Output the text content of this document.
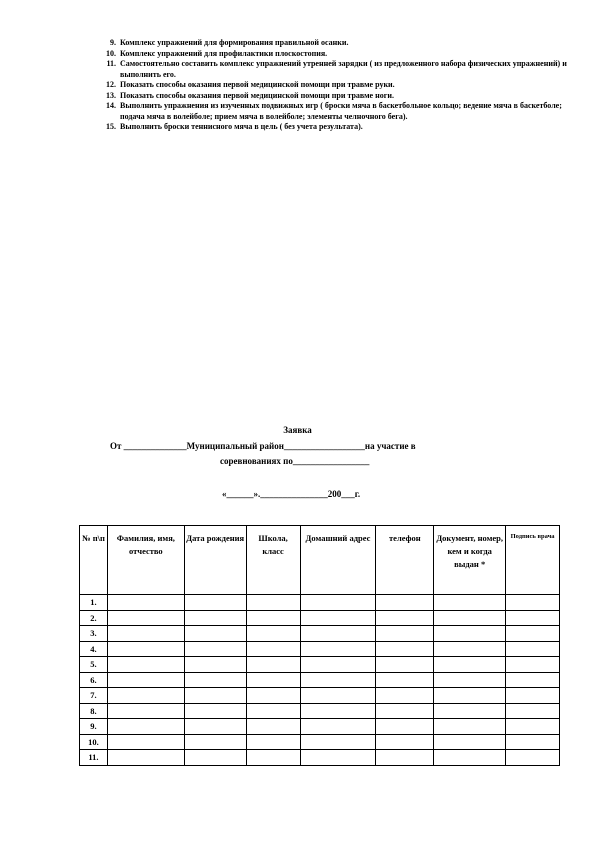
9. Комплекс упражнений для формирования правильной осанки.
10. Комплекс упражнений для профилактики плоскостопия.
11. Самостоятельно составить комплекс упражнений утренней зарядки ( из предложенного набора физических упражнений) и выполнить его.
12. Показать способы оказания первой медицинской помощи при травме руки.
13. Показать способы оказания первой медицинской помощи при травме ноги.
14. Выполнить упражнения из изученных подвижных игр ( броски мяча в баскетбольное кольцо; ведение мяча в баскетболе; подача мяча в волейболе; прием мяча в волейболе; элементы челночного бега).
15. Выполнить броски теннисного мяча в цель ( без учета результата).
Заявка
От ______________Муниципальный район__________________на участие в
соревнованиях по_________________
«______»._______________200___г.
№ п\п	Фамилия, имя, отчество	Дата рождения	Школа, класс	Домашний адрес	телефон	Документ, номер, кем и когда выдан *	Подпись врача
1.							
2.							
3.							
4.							
5.							
6.							
7.							
8.							
9.							
10.							
11.							
